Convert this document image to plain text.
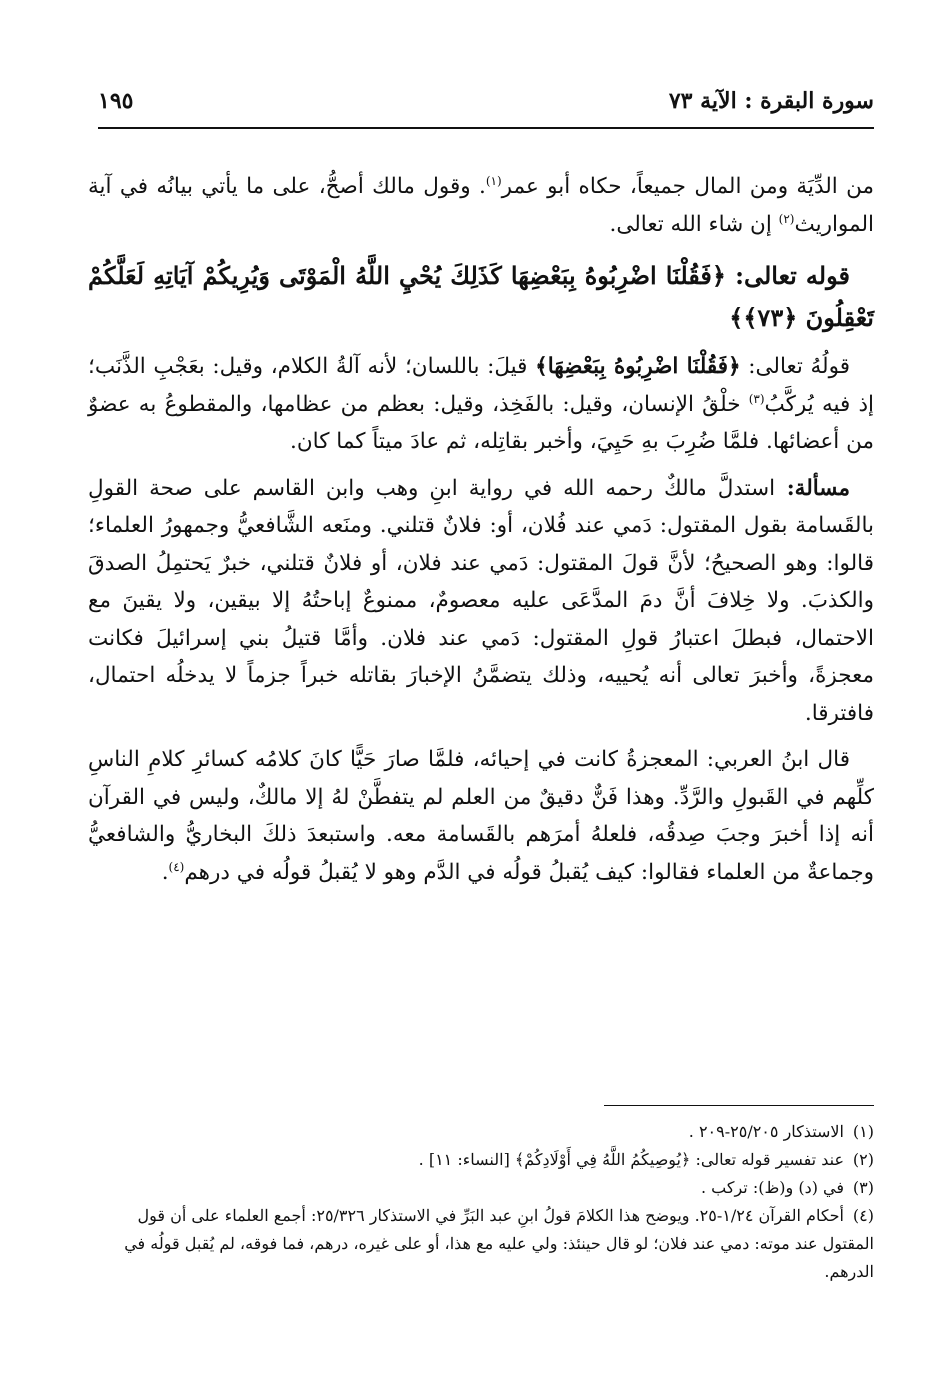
سورة البقرة : الآية ٧٣
١٩٥

من الدِّيَة ومن المال جميعاً، حكاه أبو عمر$^{(١)}$. وقول مالك أصحُّ، على ما يأتي بيانُه في آية المواريث$^{(٢)}$ إن شاء الله تعالى.

قوله تعالى: ﴿فَقُلْنَا اضْرِبُوهُ بِبَعْضِهَا كَذَلِكَ يُحْيِ اللَّهُ الْمَوْتَى وَيُرِيكُمْ آيَاتِهِ لَعَلَّكُمْ تَعْقِلُونَ ﴿٧٣﴾﴾

قولُهُ تعالى: ﴿فَقُلْنَا اضْرِبُوهُ بِبَعْضِهَا﴾ قيلَ: باللسان؛ لأنه آلةُ الكلام، وقيل: بعَجْبِ الذَّنَب؛ إذ فيه يُركَّبُ$^{(٣)}$ خلْقُ الإنسان، وقيل: بالفَخِذ، وقيل: بعظم من عظامها، والمقطوعُ به عضوٌ من أعضائها. فلمَّا ضُرِبَ بهِ حَيِيَ، وأخبر بقاتِله، ثم عادَ ميتاً كما كان.

مسألة: استدلَّ مالكٌ رحمه الله في رواية ابنِ وهب وابن القاسم على صحة القولِ بالقَسامة بقول المقتول: دَمي عند فُلان، أو: فلانٌ قتلني. ومنَعه الشَّافعيُّ وجمهورُ العلماء؛ قالوا: وهو الصحيحُ؛ لأنَّ قولَ المقتول: دَمي عند فلان، أو فلانٌ قتلني، خبرٌ يَحتمِلُ الصدقَ والكذبَ. ولا خِلافَ أنَّ دمَ المدَّعَى عليه معصومٌ، ممنوعٌ إباحتُهُ إلا بيقين، ولا يقينَ مع الاحتمال، فبطلَ اعتبارُ قولِ المقتول: دَمي عند فلان. وأمَّا قتيلُ بني إسرائيلَ فكانت معجزةً، وأخبرَ تعالى أنه يُحييه، وذلك يتضمَّنُ الإخبارَ بقاتله خبراً جزماً لا يدخلُه احتمال، فافترقا.

قال ابنُ العربي: المعجزةُ كانت في إحيائه، فلمَّا صارَ حَيًّا كانَ كلامُه كسائرِ كلامِ الناسِ كلِّهم في القَبولِ والرَّدِّ. وهذا فَنٌّ دقيقٌ من العلم لم يتفطَّنْ لهُ إلا مالكٌ، وليس في القرآن أنه إذا أخبرَ وجبَ صِدقُه، فلعلهُ أمرَهم بالقَسامة معه. واستبعدَ ذلكَ البخاريُّ والشافعيُّ وجماعةٌ من العلماء فقالوا: كيف يُقبلُ قولُه في الدَّم وهو لا يُقبلُ قولُه في درهم$^{(٤)}$.

(١)الاستذكار ٢٥/٢٠٥-٢٠٩ .

(٢)عند تفسير قوله تعالى: ﴿يُوصِيكُمُ اللَّهُ فِي أَوْلَادِكُمْ﴾ [النساء: ١١] .

(٣)في (د) و(ظ): تركب .

(٤)أحكام القرآن ١/٢٤-٢٥. ويوضح هذا الكلامَ قولُ ابنِ عبد البَرِّ في الاستذكار ٢٥/٣٢٦: أجمع العلماء على أن قول المقتول عند موته: دمي عند فلان؛ لو قال حينئذ: ولي عليه مع هذا، أو على غيره، درهم، فما فوقه، لم يُقبل قولُه في الدرهم.
